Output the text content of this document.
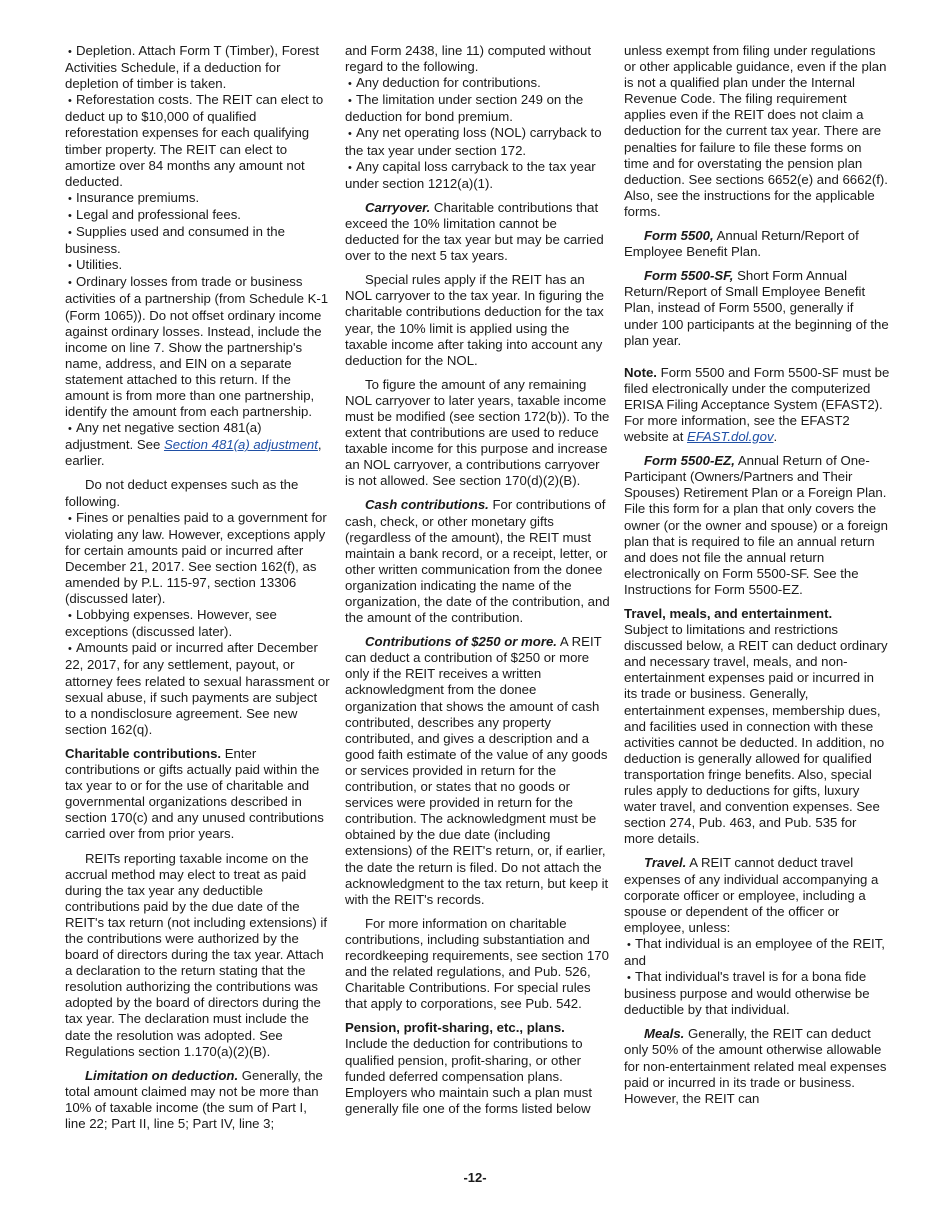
• Depletion. Attach Form T (Timber), Forest Activities Schedule, if a deduction for depletion of timber is taken.

• Reforestation costs. The REIT can elect to deduct up to $10,000 of qualified reforestation expenses for each qualifying timber property. The REIT can elect to amortize over 84 months any amount not deducted.

• Insurance premiums.

• Legal and professional fees.

• Supplies used and consumed in the business.

• Utilities.

• Ordinary losses from trade or business activities of a partnership (from Schedule K-1 (Form 1065)). Do not offset ordinary income against ordinary losses. Instead, include the income on line 7. Show the partnership's name, address, and EIN on a separate statement attached to this return. If the amount is from more than one partnership, identify the amount from each partnership.

• Any net negative section 481(a) adjustment. See Section 481(a) adjustment, earlier.

Do not deduct expenses such as the following.

• Fines or penalties paid to a government for violating any law. However, exceptions apply for certain amounts paid or incurred after December 21, 2017. See section 162(f), as amended by P.L. 115-97, section 13306 (discussed later).

• Lobbying expenses. However, see exceptions (discussed later).

• Amounts paid or incurred after December 22, 2017, for any settlement, payout, or attorney fees related to sexual harassment or sexual abuse, if such payments are subject to a nondisclosure agreement. See new section 162(q).

Charitable contributions. Enter contributions or gifts actually paid within the tax year to or for the use of charitable and governmental organizations described in section 170(c) and any unused contributions carried over from prior years.

REITs reporting taxable income on the accrual method may elect to treat as paid during the tax year any deductible contributions paid by the due date of the REIT's tax return (not including extensions) if the contributions were authorized by the board of directors during the tax year. Attach a declaration to the return stating that the resolution authorizing the contributions was adopted by the board of directors during the tax year. The declaration must include the date the resolution was adopted. See Regulations section 1.170(a)(2)(B).

Limitation on deduction. Generally, the total amount claimed may not be more than 10% of taxable income (the sum of Part I, line 22; Part II, line 5; Part IV, line 3;

and Form 2438, line 11) computed without regard to the following.

• Any deduction for contributions.

• The limitation under section 249 on the deduction for bond premium.

• Any net operating loss (NOL) carryback to the tax year under section 172.

• Any capital loss carryback to the tax year under section 1212(a)(1).

Carryover. Charitable contributions that exceed the 10% limitation cannot be deducted for the tax year but may be carried over to the next 5 tax years.

Special rules apply if the REIT has an NOL carryover to the tax year. In figuring the charitable contributions deduction for the tax year, the 10% limit is applied using the taxable income after taking into account any deduction for the NOL.

To figure the amount of any remaining NOL carryover to later years, taxable income must be modified (see section 172(b)). To the extent that contributions are used to reduce taxable income for this purpose and increase an NOL carryover, a contributions carryover is not allowed. See section 170(d)(2)(B).

Cash contributions. For contributions of cash, check, or other monetary gifts (regardless of the amount), the REIT must maintain a bank record, or a receipt, letter, or other written communication from the donee organization indicating the name of the organization, the date of the contribution, and the amount of the contribution.

Contributions of $250 or more. A REIT can deduct a contribution of $250 or more only if the REIT receives a written acknowledgment from the donee organization that shows the amount of cash contributed, describes any property contributed, and gives a description and a good faith estimate of the value of any goods or services provided in return for the contribution, or states that no goods or services were provided in return for the contribution. The acknowledgment must be obtained by the due date (including extensions) of the REIT's return, or, if earlier, the date the return is filed. Do not attach the acknowledgment to the tax return, but keep it with the REIT's records.

For more information on charitable contributions, including substantiation and recordkeeping requirements, see section 170 and the related regulations, and Pub. 526, Charitable Contributions. For special rules that apply to corporations, see Pub. 542.

Pension, profit-sharing, etc., plans.
Include the deduction for contributions to qualified pension, profit-sharing, or other funded deferred compensation plans. Employers who maintain such a plan must generally file one of the forms listed below

unless exempt from filing under regulations or other applicable guidance, even if the plan is not a qualified plan under the Internal Revenue Code. The filing requirement applies even if the REIT does not claim a deduction for the current tax year. There are penalties for failure to file these forms on time and for overstating the pension plan deduction. See sections 6652(e) and 6662(f). Also, see the instructions for the applicable forms.

Form 5500, Annual Return/Report of Employee Benefit Plan.

Form 5500-SF, Short Form Annual Return/Report of Small Employee Benefit Plan, instead of Form 5500, generally if under 100 participants at the beginning of the plan year.

Note. Form 5500 and Form 5500-SF must be filed electronically under the computerized ERISA Filing Acceptance System (EFAST2). For more information, see the EFAST2 website at EFAST.dol.gov.

Form 5500-EZ, Annual Return of One-Participant (Owners/Partners and Their Spouses) Retirement Plan or a Foreign Plan. File this form for a plan that only covers the owner (or the owner and spouse) or a foreign plan that is required to file an annual return and does not file the annual return electronically on Form 5500-SF. See the Instructions for Form 5500-EZ.

Travel, meals, and entertainment.
Subject to limitations and restrictions discussed below, a REIT can deduct ordinary and necessary travel, meals, and non-entertainment expenses paid or incurred in its trade or business. Generally, entertainment expenses, membership dues, and facilities used in connection with these activities cannot be deducted. In addition, no deduction is generally allowed for qualified transportation fringe benefits. Also, special rules apply to deductions for gifts, luxury water travel, and convention expenses. See section 274, Pub. 463, and Pub. 535 for more details.

Travel. A REIT cannot deduct travel expenses of any individual accompanying a corporate officer or employee, including a spouse or dependent of the officer or employee, unless:

• That individual is an employee of the REIT, and

• That individual's travel is for a bona fide business purpose and would otherwise be deductible by that individual.

Meals. Generally, the REIT can deduct only 50% of the amount otherwise allowable for non-entertainment related meal expenses paid or incurred in its trade or business. However, the REIT can

-12-
